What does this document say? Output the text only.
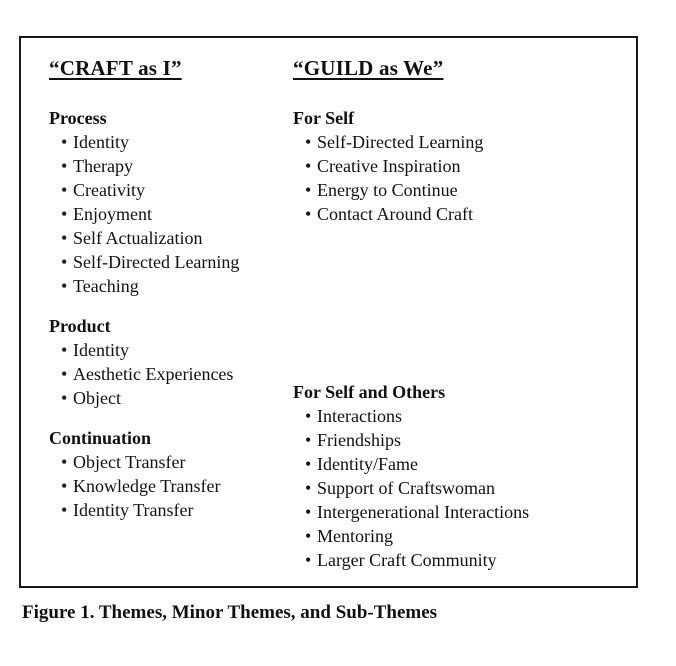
“CRAFT as I”
Process
• Identity
• Therapy
• Creativity
• Enjoyment
• Self Actualization
• Self-Directed Learning
• Teaching
Product
• Identity
• Aesthetic Experiences
• Object
Continuation
• Object Transfer
• Knowledge Transfer
• Identity Transfer
“GUILD as We”
For Self
• Self-Directed Learning
• Creative Inspiration
• Energy to Continue
• Contact Around Craft
For Self and Others
• Interactions
• Friendships
• Identity/Fame
• Support of Craftswoman
• Intergenerational Interactions
• Mentoring
• Larger Craft Community
Figure 1. Themes, Minor Themes, and Sub-Themes
